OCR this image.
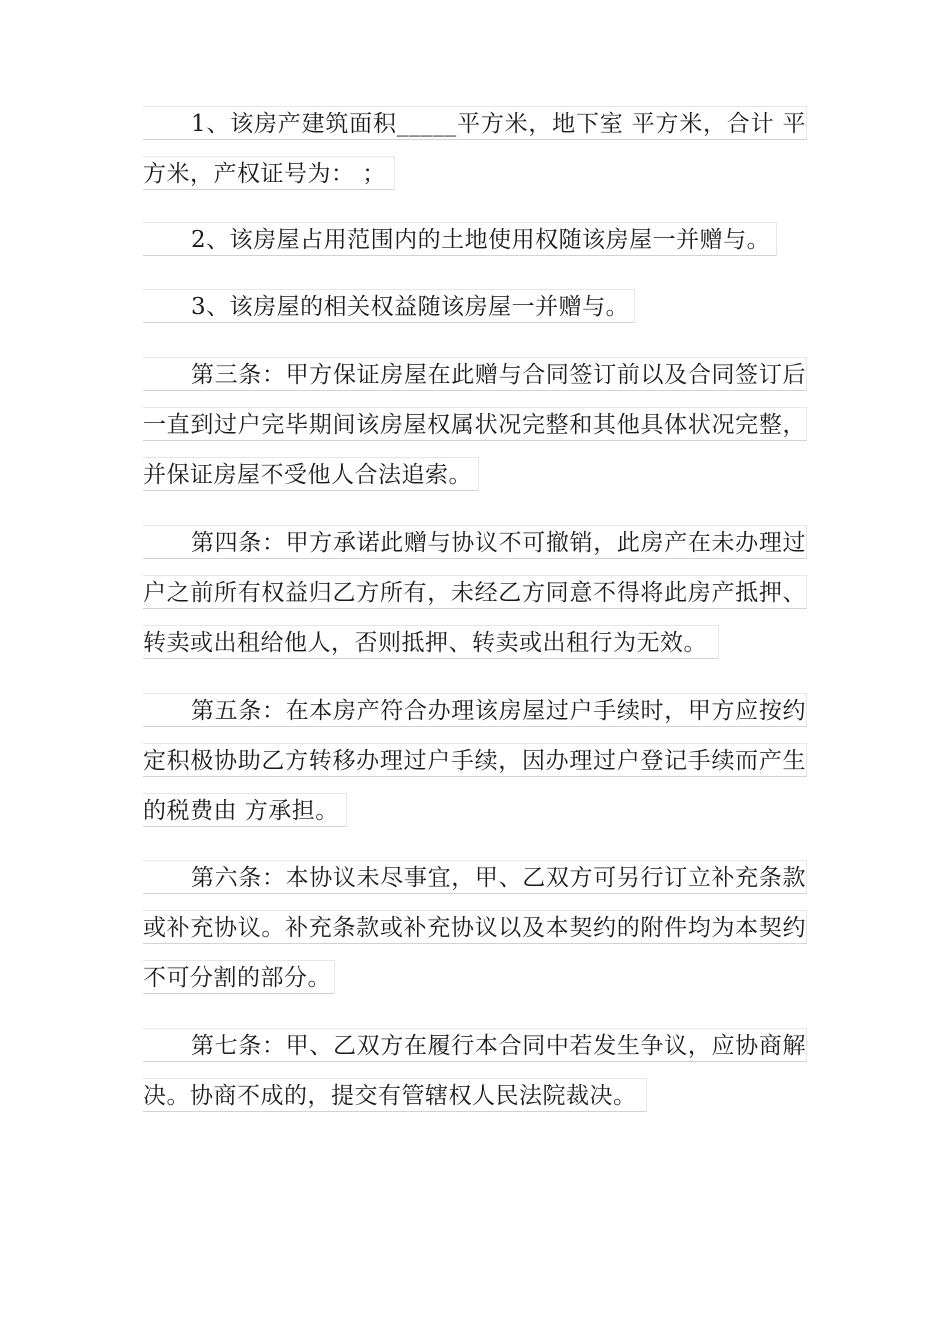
1、该房产建筑面积_____平方米，地下室 平方米，合计 平
方米，产权证号为： ；
2、该房屋占用范围内的土地使用权随该房屋一并赠与。
3、该房屋的相关权益随该房屋一并赠与。
第三条：甲方保证房屋在此赠与合同签订前以及合同签订后
一直到过户完毕期间该房屋权属状况完整和其他具体状况完整，
并保证房屋不受他人合法追索。
第四条：甲方承诺此赠与协议不可撤销，此房产在未办理过
户之前所有权益归乙方所有，未经乙方同意不得将此房产抵押、
转卖或出租给他人，否则抵押、转卖或出租行为无效。
第五条：在本房产符合办理该房屋过户手续时，甲方应按约
定积极协助乙方转移办理过户手续，因办理过户登记手续而产生
的税费由 方承担。
第六条：本协议未尽事宜，甲、乙双方可另行订立补充条款
或补充协议。补充条款或补充协议以及本契约的附件均为本契约
不可分割的部分。
第七条：甲、乙双方在履行本合同中若发生争议，应协商解
决。协商不成的，提交有管辖权人民法院裁决。
